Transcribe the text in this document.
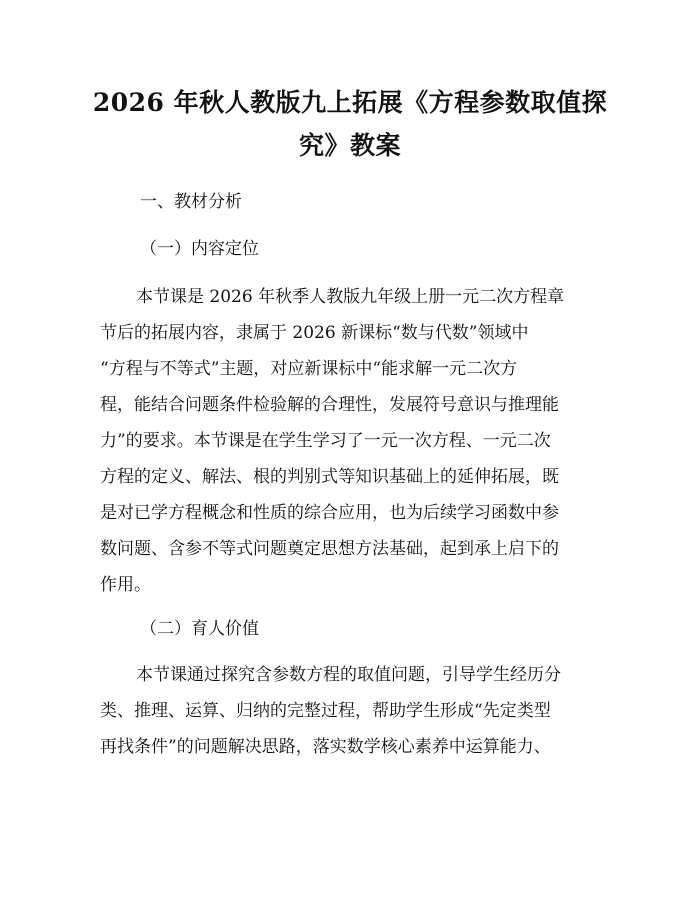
2026 年秋人教版九上拓展《方程参数取值探
究》教案
一、教材分析
（一）内容定位
本节课是 2026 年秋季人教版九年级上册一元二次方程章
节后的拓展内容，隶属于 2026 新课标“数与代数”领域中
“方程与不等式”主题，对应新课标中“能求解一元二次方
程，能结合问题条件检验解的合理性，发展符号意识与推理能
力”的要求。本节课是在学生学习了一元一次方程、一元二次
方程的定义、解法、根的判别式等知识基础上的延伸拓展，既
是对已学方程概念和性质的综合应用，也为后续学习函数中参
数问题、含参不等式问题奠定思想方法基础，起到承上启下的
作用。
（二）育人价值
本节课通过探究含参数方程的取值问题，引导学生经历分
类、推理、运算、归纳的完整过程，帮助学生形成“先定类型
再找条件”的问题解决思路，落实数学核心素养中运算能力、
